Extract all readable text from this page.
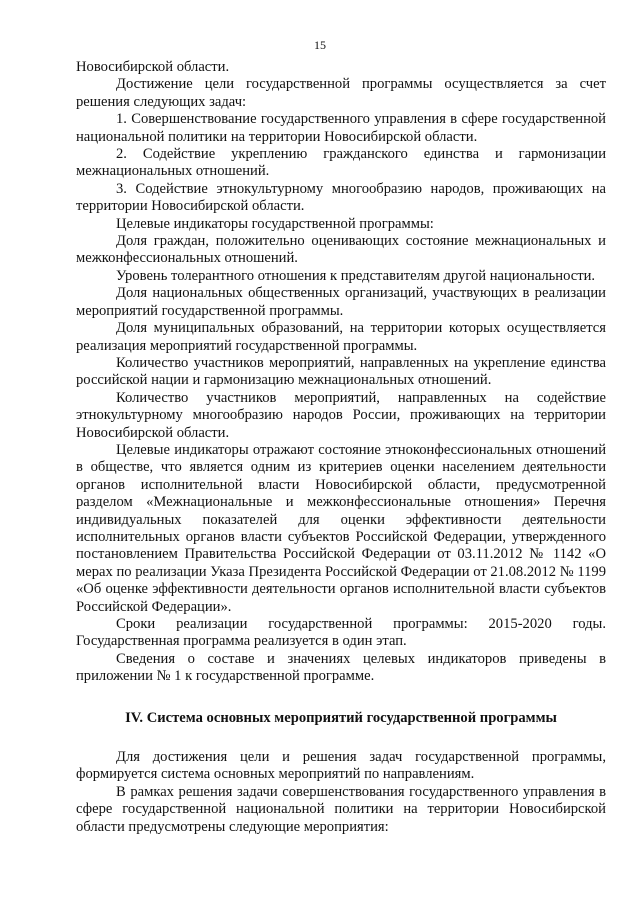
15

Новосибирской области.

Достижение цели государственной программы осуществляется за счет решения следующих задач:

1. Совершенствование государственного управления в сфере государственной национальной политики на территории Новосибирской области.

2. Содействие укреплению гражданского единства и гармонизации межнациональных отношений.

3. Содействие этнокультурному многообразию народов, проживающих на территории Новосибирской области.

Целевые индикаторы государственной программы:

Доля граждан, положительно оценивающих состояние межнациональных и межконфессиональных отношений.

Уровень толерантного отношения к представителям другой национальности.

Доля национальных общественных организаций, участвующих в реализации мероприятий государственной программы.

Доля муниципальных образований, на территории которых осуществляется реализация мероприятий государственной программы.

Количество участников мероприятий, направленных на укрепление единства российской нации и гармонизацию межнациональных отношений.

Количество участников мероприятий, направленных на содействие этнокультурному многообразию народов России, проживающих на территории Новосибирской области.

Целевые индикаторы отражают состояние этноконфессиональных отношений в обществе, что является одним из критериев оценки населением деятельности органов исполнительной власти Новосибирской области, предусмотренной разделом «Межнациональные и межконфессиональные отношения» Перечня индивидуальных показателей для оценки эффективности деятельности исполнительных органов власти субъектов Российской Федерации, утвержденного постановлением Правительства Российской Федерации от 03.11.2012 № 1142 «О мерах по реализации Указа Президента Российской Федерации от 21.08.2012 № 1199 «Об оценке эффективности деятельности органов исполнительной власти субъектов Российской Федерации».

Сроки реализации государственной программы: 2015-2020 годы. Государственная программа реализуется в один этап.

Сведения о составе и значениях целевых индикаторов приведены в приложении № 1 к государственной программе.

IV. Система основных мероприятий государственной программы

Для достижения цели и решения задач государственной программы, формируется система основных мероприятий по направлениям.

В рамках решения задачи совершенствования государственного управления в сфере государственной национальной политики на территории Новосибирской области предусмотрены следующие мероприятия:
